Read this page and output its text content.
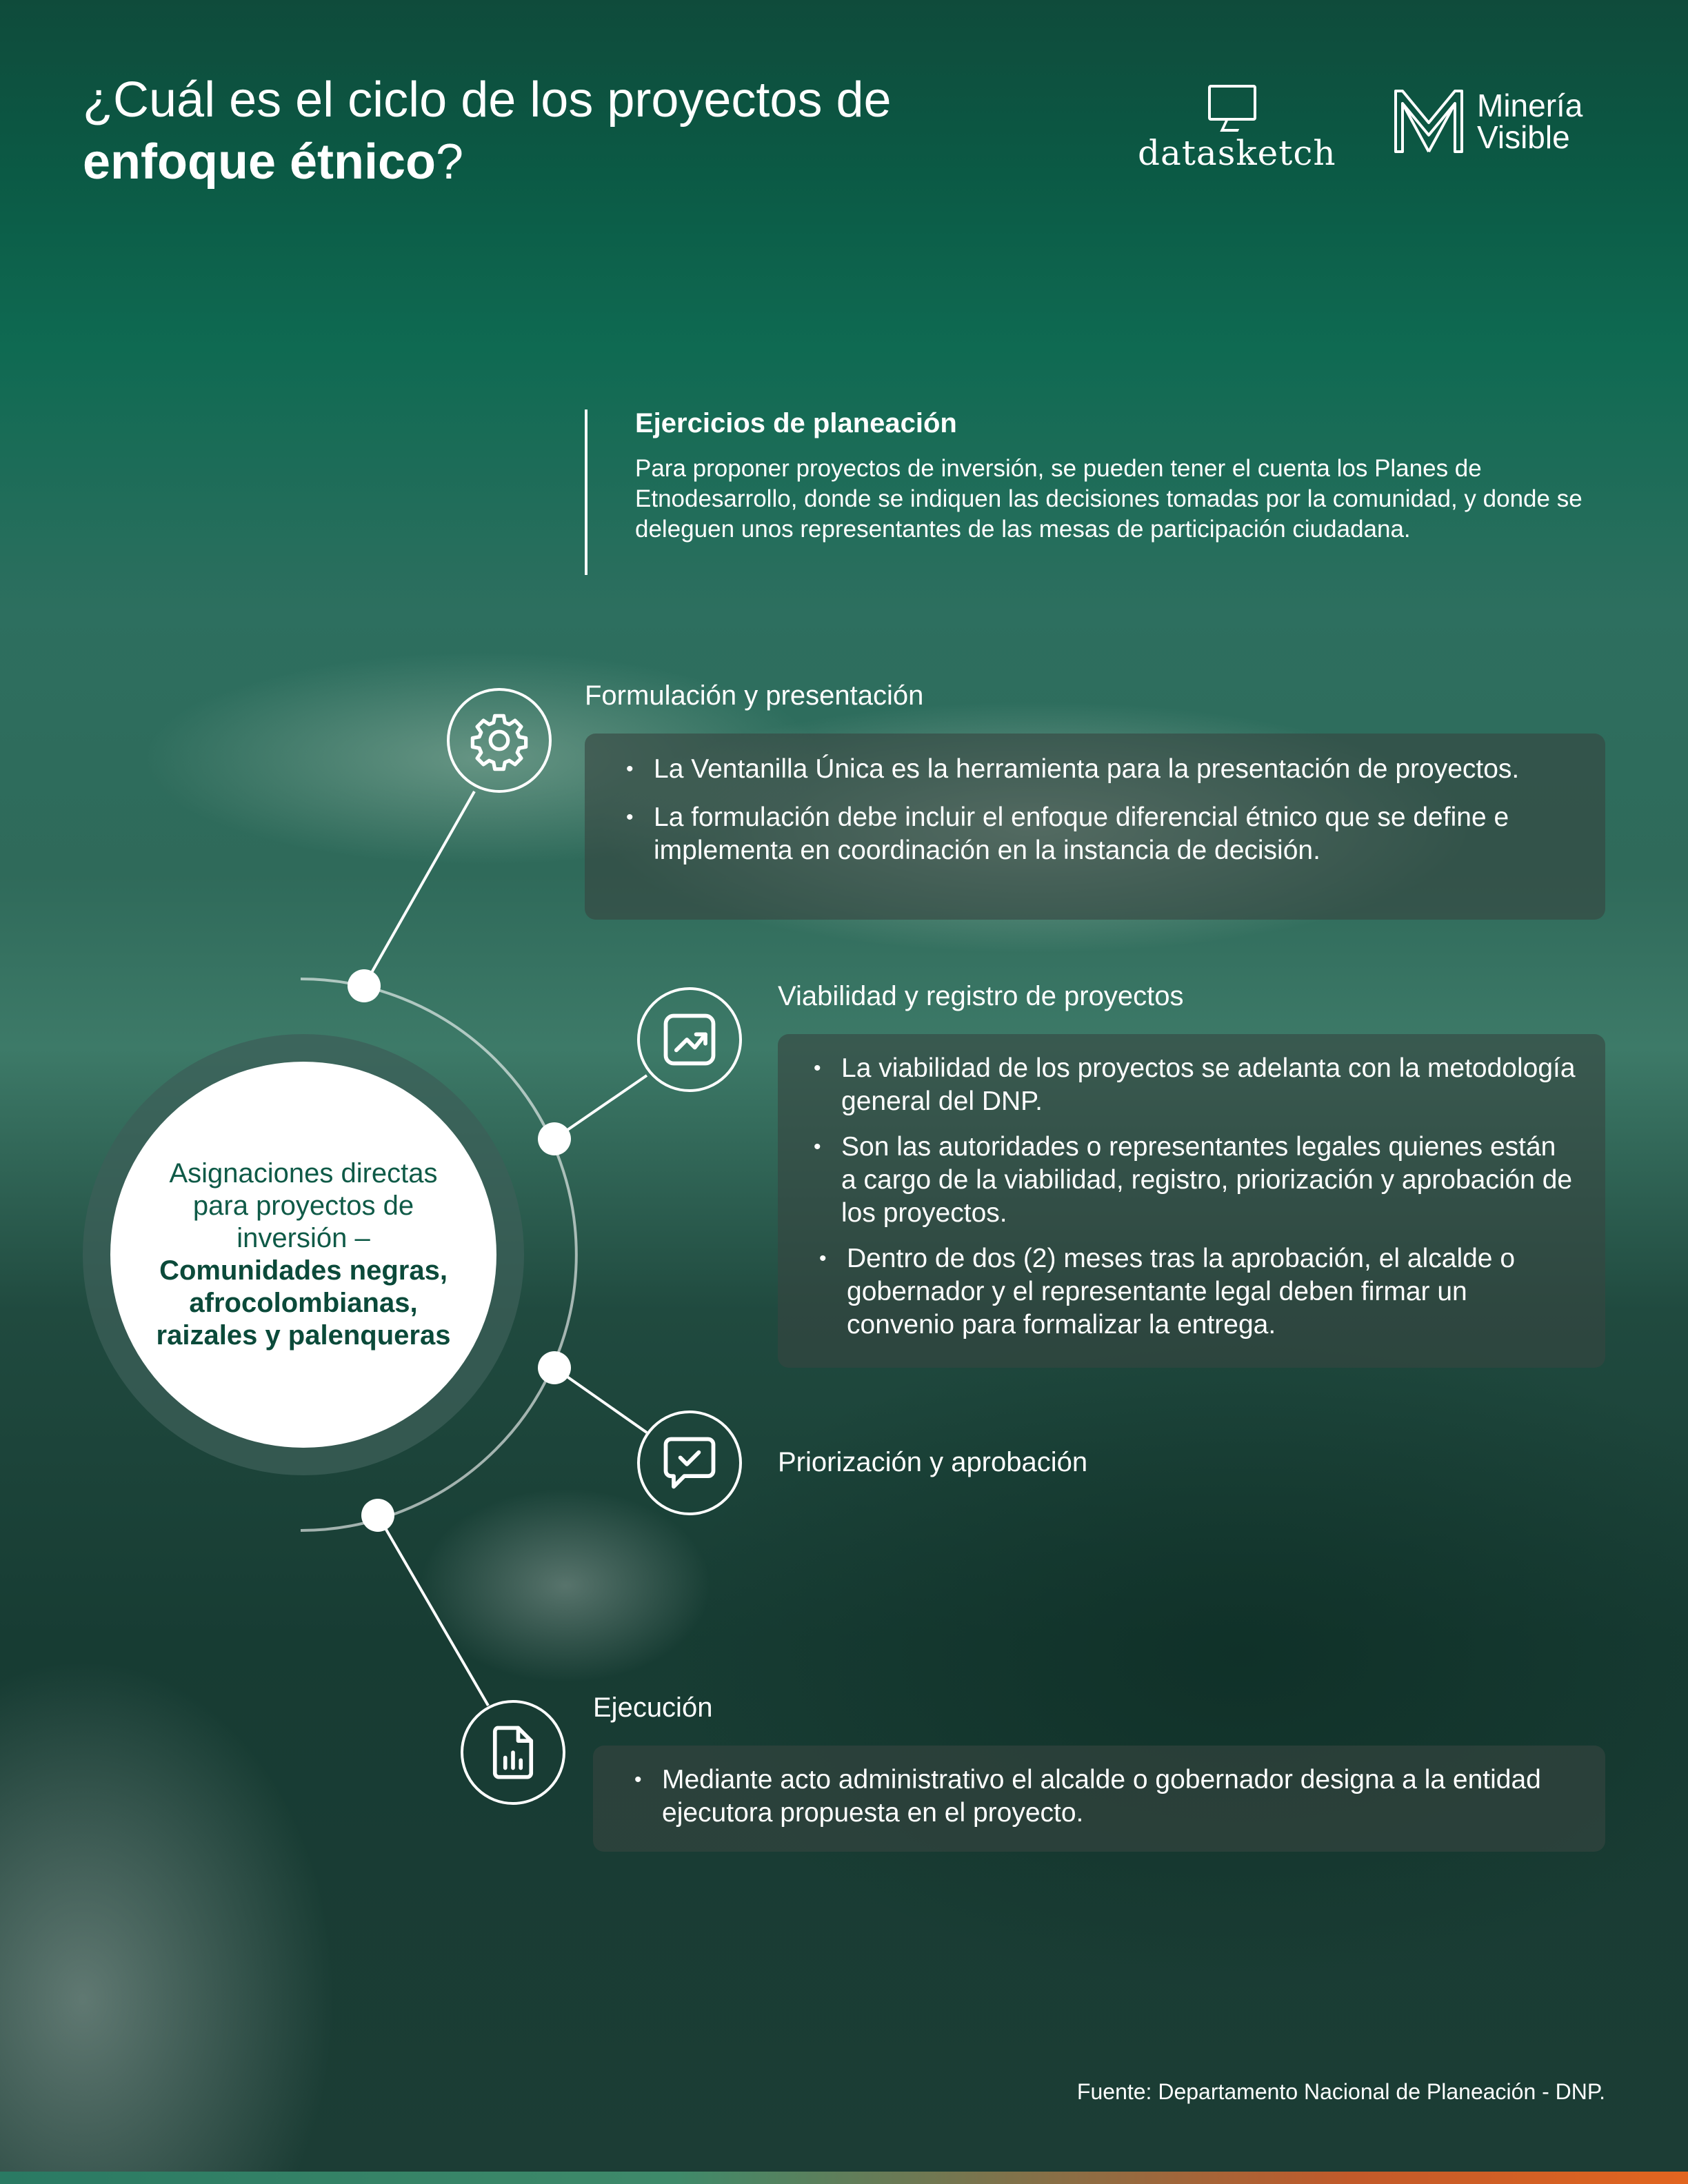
¿Cuál es el ciclo de los proyectos de
enfoque étnico?	datasketch
Minería
Visible
Ejercicios de planeación
Para proponer proyectos de inversión, se pueden tener el cuenta los Planes de Etnodesarrollo, donde se indiquen las decisiones tomadas por la comunidad, y donde se deleguen unos representantes de las mesas de participación ciudadana.
Asignaciones directas para proyectos de inversión –
Comunidades negras, afrocolombianas, raizales y palenqueras
Formulación y presentación
• La Ventanilla Única es la herramienta para la presentación de proyectos.
• La formulación debe incluir el enfoque diferencial étnico que se define e implementa en coordinación en la instancia de decisión.
Viabilidad y registro de proyectos
• La viabilidad de los proyectos se adelanta con la metodología general del DNP.
• Son las autoridades o representantes legales quienes están a cargo de la viabilidad, registro, priorización y aprobación de los proyectos.
• Dentro de dos (2) meses tras la aprobación, el alcalde o gobernador y el representante legal deben firmar un convenio para formalizar la entrega.
Priorización y aprobación
Ejecución
• Mediante acto administrativo el alcalde o gobernador designa a la entidad ejecutora propuesta en el proyecto.
Fuente: Departamento Nacional de Planeación - DNP.
